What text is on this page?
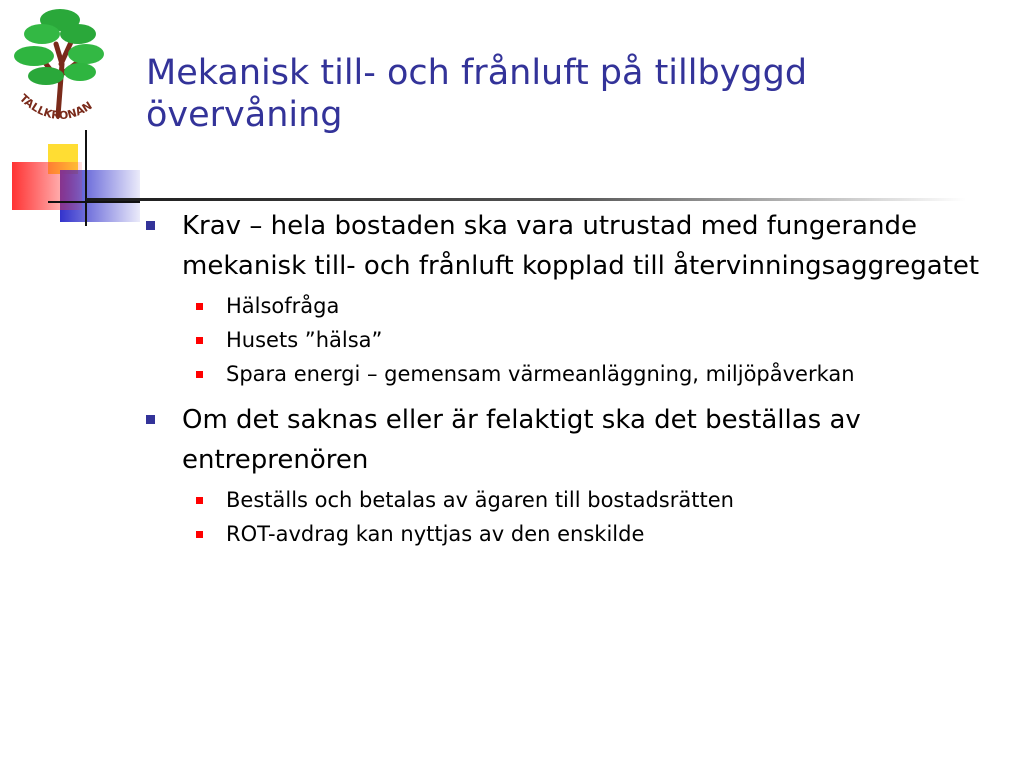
TALLKRONAN
Mekanisk till- och frånluft på tillbyggd övervåning
Krav – hela bostaden ska vara utrustad med fungerande mekanisk till- och frånluft kopplad till återvinningsaggregatet
Hälsofråga
Husets ”hälsa”
Spara energi – gemensam värmeanläggning, miljöpåverkan
Om det saknas eller är felaktigt ska det beställas av entreprenören
Beställs och betalas av ägaren till bostadsrätten
ROT-avdrag kan nyttjas av den enskilde
